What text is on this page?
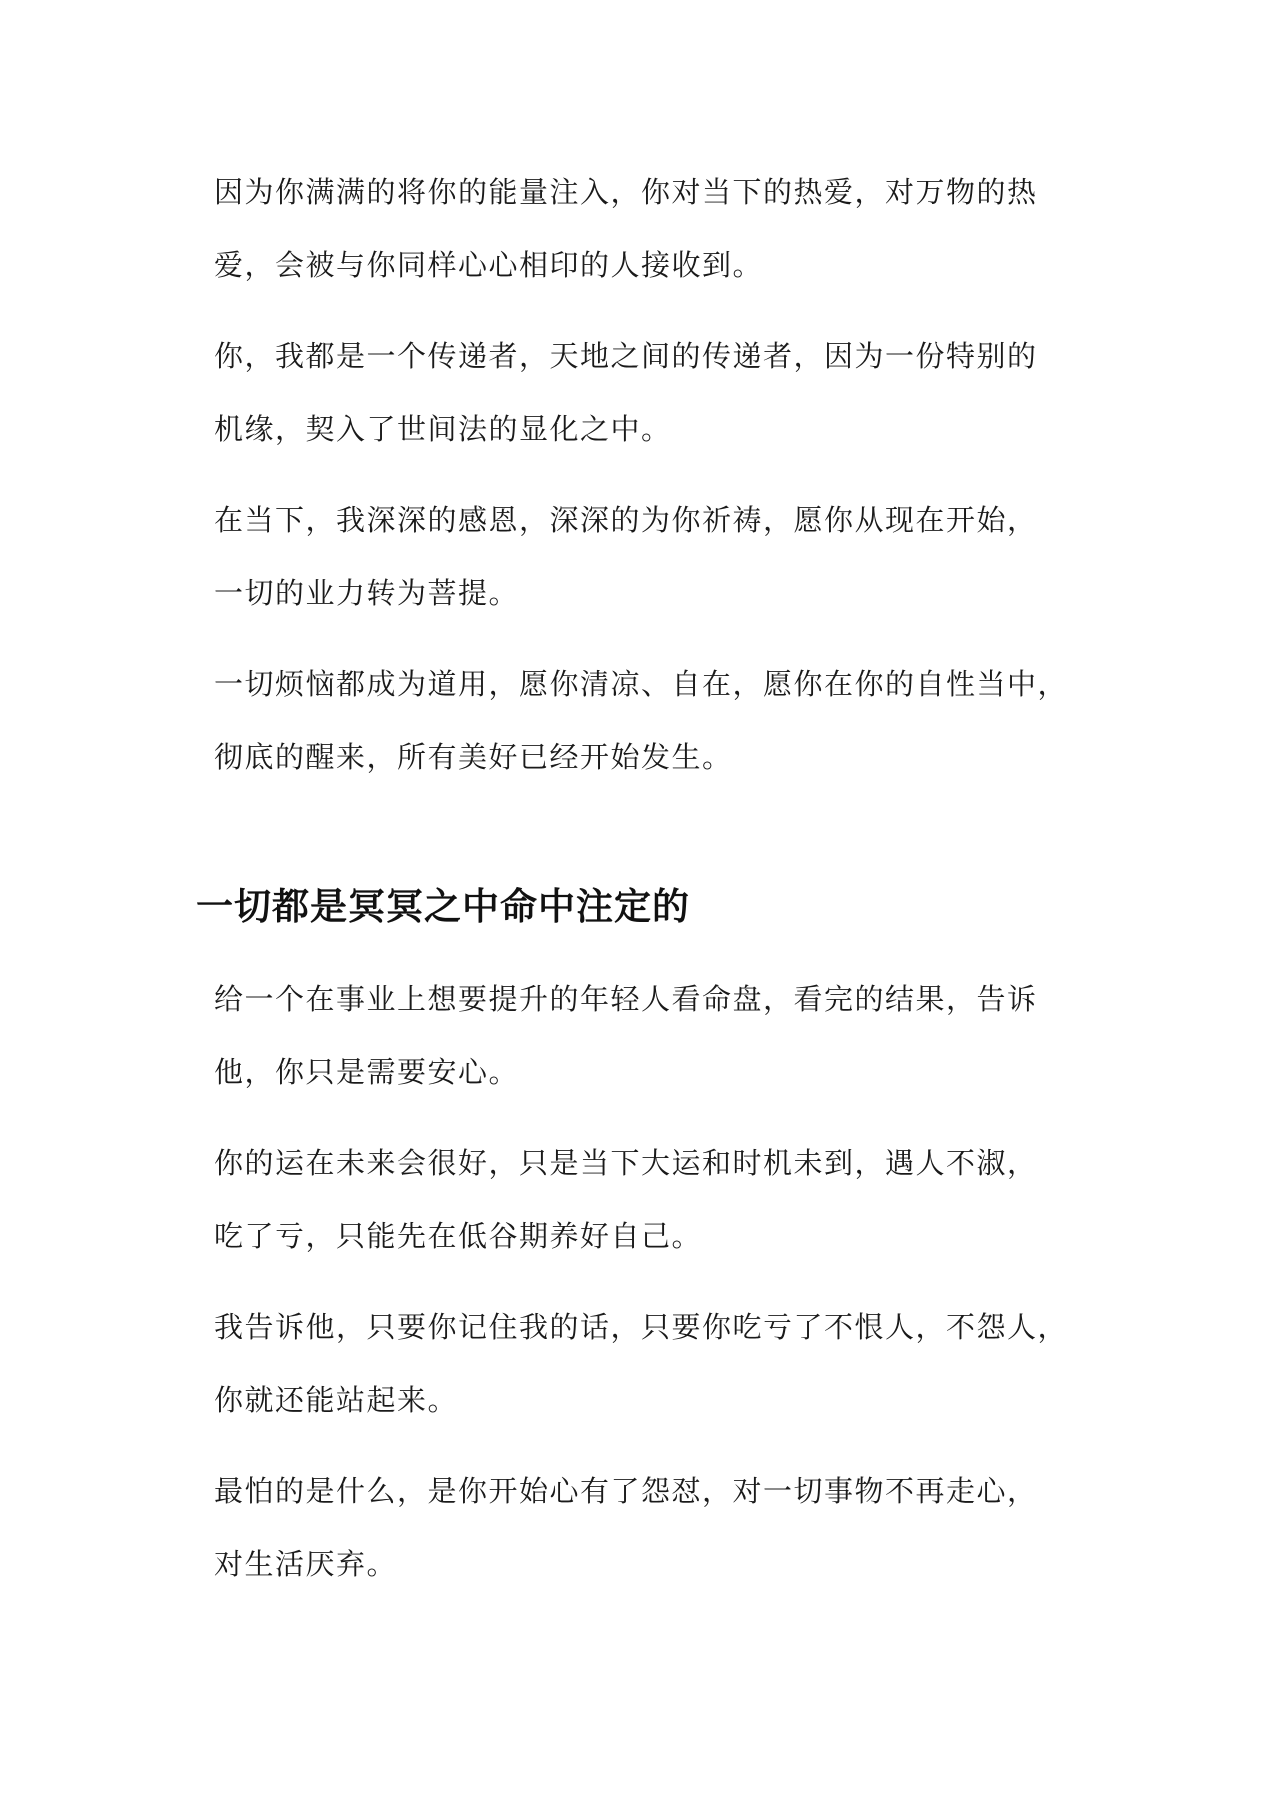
因为你满满的将你的能量注入，你对当下的热爱，对万物的热
爱，会被与你同样心心相印的人接收到。

你，我都是一个传递者，天地之间的传递者，因为一份特别的
机缘，契入了世间法的显化之中。

在当下，我深深的感恩，深深的为你祈祷，愿你从现在开始，
一切的业力转为菩提。

一切烦恼都成为道用，愿你清凉、自在，愿你在你的自性当中，
彻底的醒来，所有美好已经开始发生。

一切都是冥冥之中命中注定的

给一个在事业上想要提升的年轻人看命盘，看完的结果，告诉
他，你只是需要安心。

你的运在未来会很好，只是当下大运和时机未到，遇人不淑，
吃了亏，只能先在低谷期养好自己。

我告诉他，只要你记住我的话，只要你吃亏了不恨人，不怨人，
你就还能站起来。

最怕的是什么，是你开始心有了怨怼，对一切事物不再走心，
对生活厌弃。
